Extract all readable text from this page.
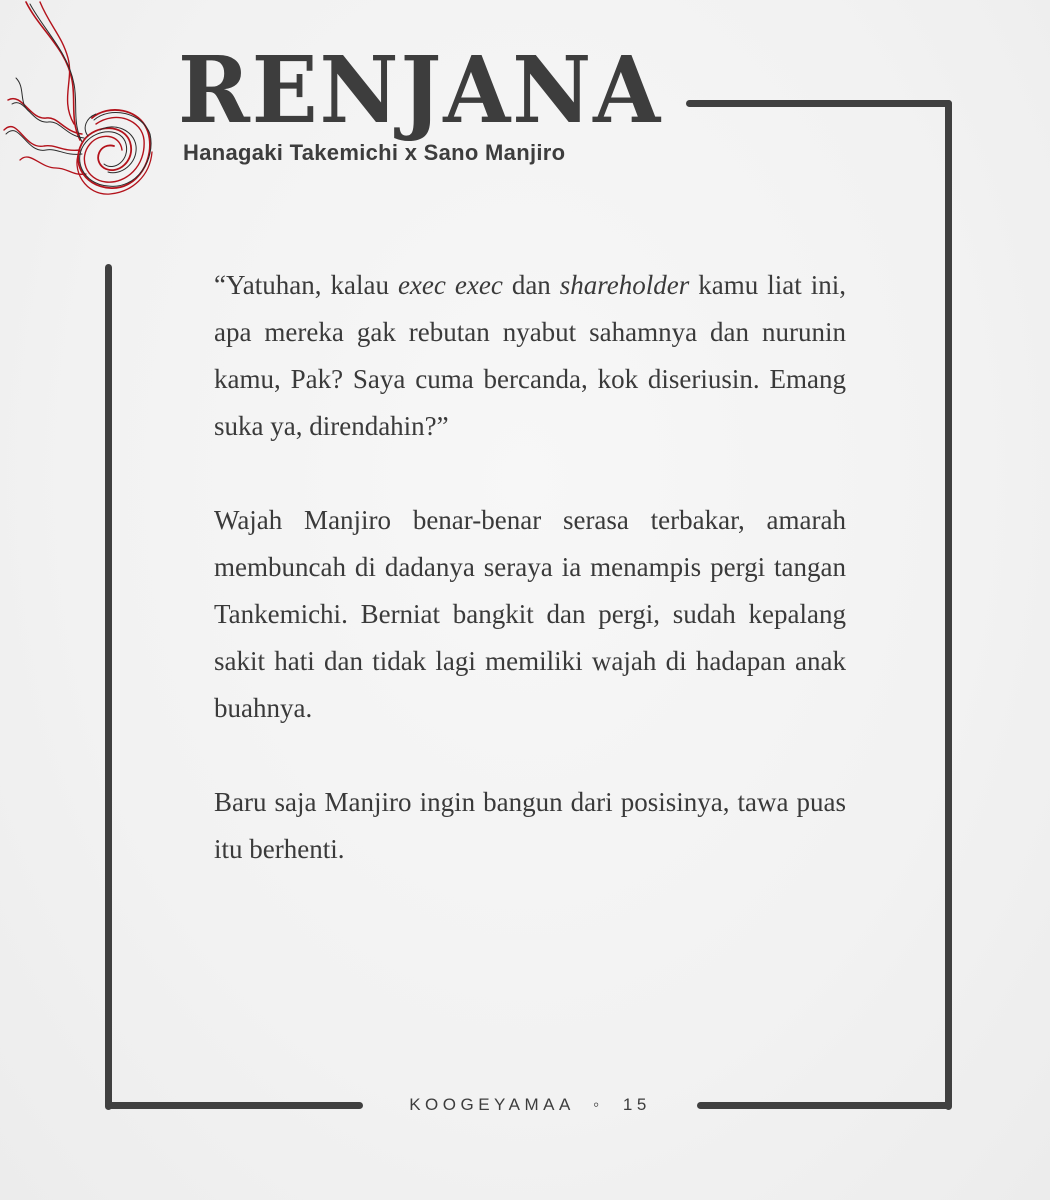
RENJANA
Hanagaki Takemichi x Sano Manjiro

“Yatuhan, kalau exec exec dan shareholder kamu liat ini, apa mereka gak rebutan nyabut sahamnya dan nurunin kamu, Pak? Saya cuma bercanda, kok diseriusin. Emang suka ya, direndahin?”

Wajah Manjiro benar-benar serasa terbakar, amarah membuncah di dadanya seraya ia menampis pergi tangan Tankemichi. Berniat bangkit dan pergi, sudah kepalang sakit hati dan tidak lagi memiliki wajah di hadapan anak buahnya.

Baru saja Manjiro ingin bangun dari posisinya, tawa puas itu berhenti.

KOOGEYAMAA ◦ 15
